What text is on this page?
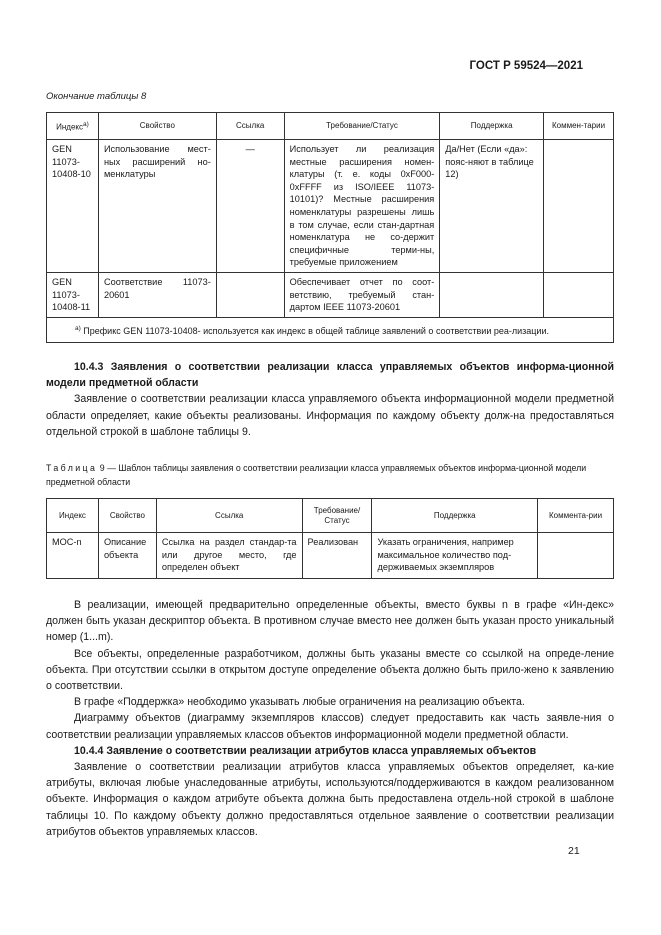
ГОСТ Р 59524—2021
Окончание таблицы 8
Индекс$^{а)}$	Свойство	Ссылка	Требование/Статус	Поддержка	Коммен-тарии
GEN 11073-10408-10	Использование мест-ных расширений но-менклатуры	—	Использует ли реализация местные расширения номен-клатуры (т. е. коды 0xF000-0xFFFF из ISO/IEEE 11073-10101)? Местные расширения номенклатуры разрешены лишь в том случае, если стан-дартная номенклатура не со-держит специфичные терми-ны, требуемые приложением	Да/Нет (Если «да»: пояс-няют в таблице 12)	
GEN 11073-10408-11	Соответствие 11073-20601		Обеспечивает отчет по соот-ветствию, требуемый стан-дартом IEEE 11073-20601		
$^{а)}$ Префикс GEN 11073-10408- используется как индекс в общей таблице заявлений о соответствии реа-лизации.					

10.4.3 Заявления о соответствии реализации класса управляемых объектов информа-ционной модели предметной области

Заявление о соответствии реализации класса управляемого объекта информационной модели предметной области определяет, какие объекты реализованы. Информация по каждому объекту долж-на предоставляться отдельной строкой в шаблоне таблицы 9.

Таблица 9 — Шаблон таблицы заявления о соответствии реализации класса управляемых объектов информа-ционной модели предметной области
Индекс	Свойство	Ссылка	Требование/ Статус	Поддержка	Коммента-рии
MOC-n	Описание объекта	Ссылка на раздел стандар-та или другое место, где определен объект	Реализован	Указать ограничения, например максимальное количество под-держиваемых экземпляров	

В реализации, имеющей предварительно определенные объекты, вместо буквы n в графе «Ин-декс» должен быть указан дескриптор объекта. В противном случае вместо нее должен быть указан просто уникальный номер (1...m).

Все объекты, определенные разработчиком, должны быть указаны вместе со ссылкой на опреде-ление объекта. При отсутствии ссылки в открытом доступе определение объекта должно быть прило-жено к заявлению о соответствии.

В графе «Поддержка» необходимо указывать любые ограничения на реализацию объекта.

Диаграмму объектов (диаграмму экземпляров классов) следует предоставить как часть заявле-ния о соответствии реализации управляемых классов объектов информационной модели предметной области.

10.4.4 Заявление о соответствии реализации атрибутов класса управляемых объектов

Заявление о соответствии реализации атрибутов класса управляемых объектов определяет, ка-кие атрибуты, включая любые унаследованные атрибуты, используются/поддерживаются в каждом реализованном объекте. Информация о каждом атрибуте объекта должна быть предоставлена отдель-ной строкой в шаблоне таблицы 10. По каждому объекту должно предоставляться отдельное заявление о соответствии реализации атрибутов объектов управляемых классов.

21
